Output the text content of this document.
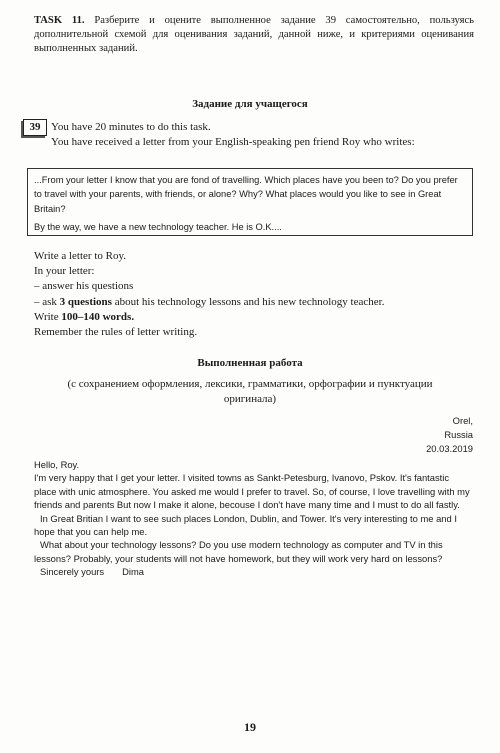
TASK 11. Разберите и оцените выполненное задание 39 самостоятельно, пользуясь дополнительной схемой для оценивания заданий, данной ниже, и критериями оценивания выполненных заданий.
Задание для учащегося
39 You have 20 minutes to do this task.
You have received a letter from your English-speaking pen friend Roy who writes:

...From your letter I know that you are fond of travelling. Which places have you been to? Do you prefer to travel with your parents, with friends, or alone? Why? What places would you like to see in Great Britain?

By the way, we have a new technology teacher. He is O.K....

Write a letter to Roy.
In your letter:
– answer his questions
– ask 3 questions about his technology lessons and his new technology teacher.
Write 100–140 words.
Remember the rules of letter writing.
Выполненная работа
(с сохранением оформления, лексики, грамматики, орфографии и пунктуации оригинала)
Orel,
Russia
20.03.2019

Hello, Roy.

I'm very happy that I get your letter. I visited towns as Sankt-Petesburg, Ivanovo, Pskov. It's fantastic place with unic atmosphere. You asked me would I prefer to travel. So, of course, I love travelling with my friends and parents But now I make it alone, becouse I don't have many time and I must to do all fastly.

In Great Britian I want to see such places London, Dublin, and Tower. It's very interesting to me and I hope that you can help me.

What about your technology lessons? Do you use modern technology as computer and TV in this lessons? Probably, your students will not have homework, but they will work very hard on lessons?

Sincerely yours Dima
19
